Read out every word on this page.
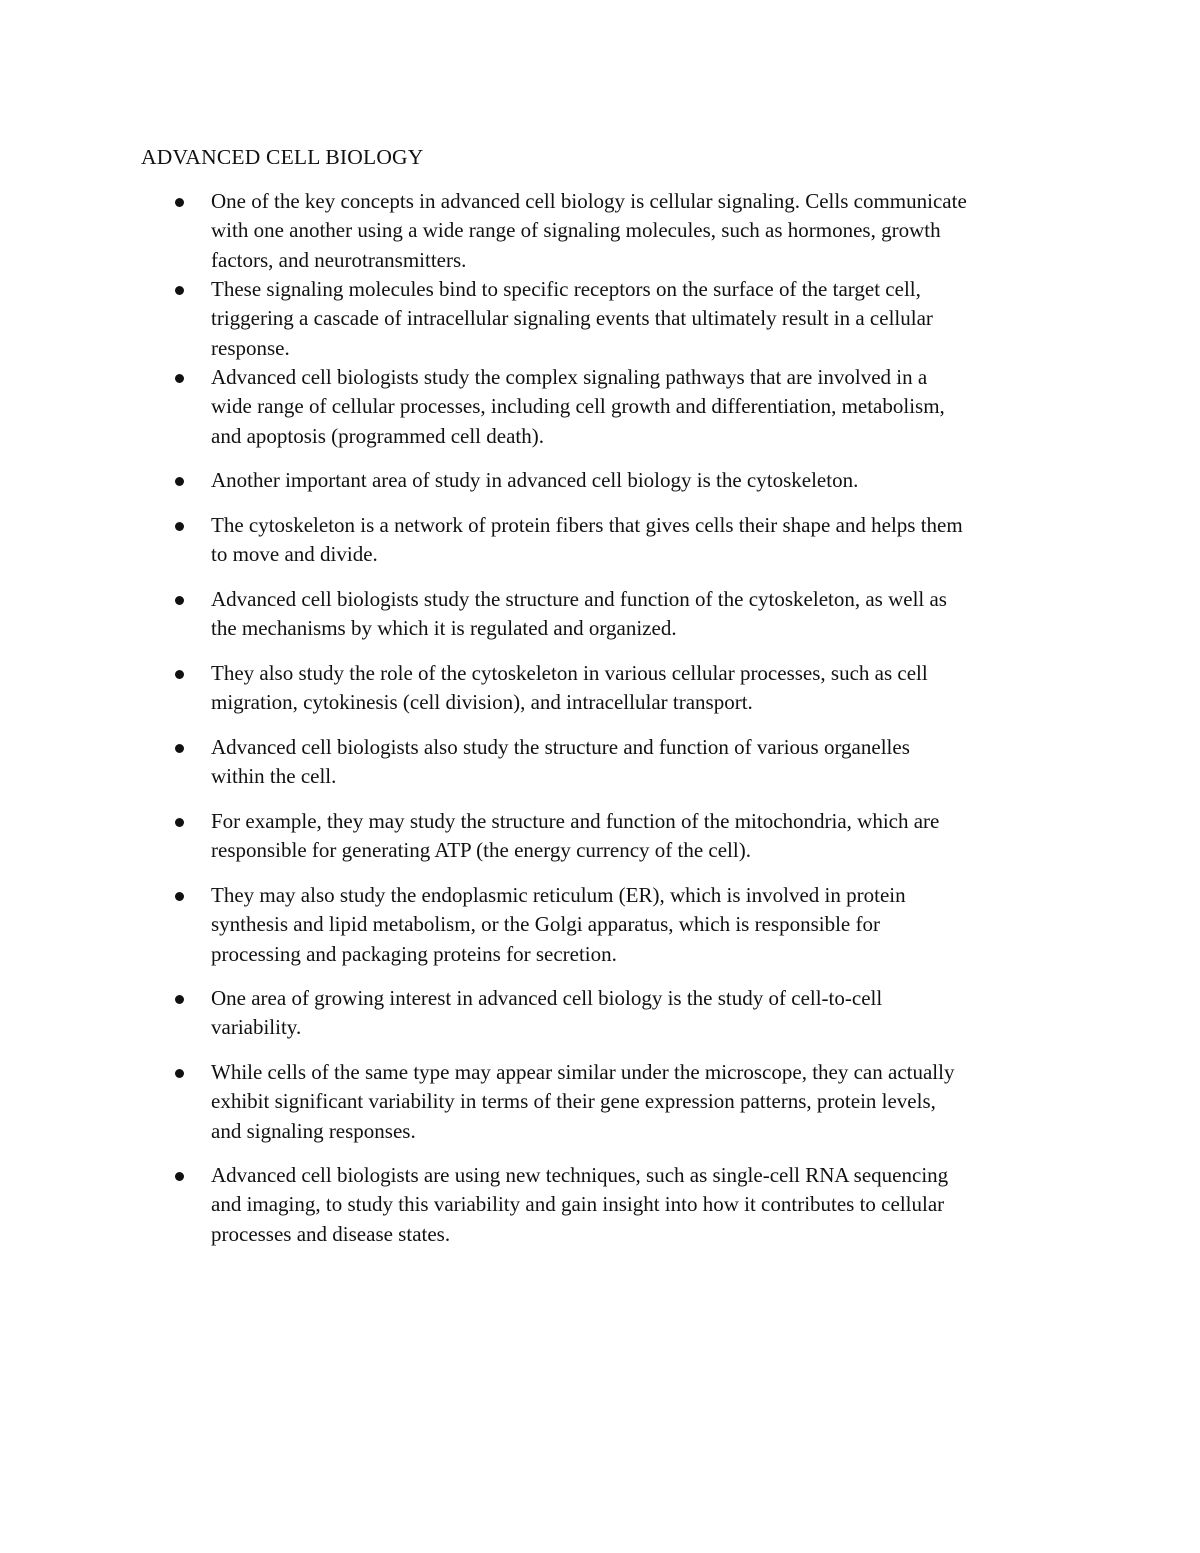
ADVANCED CELL BIOLOGY
One of the key concepts in advanced cell biology is cellular signaling. Cells communicate
with one another using a wide range of signaling molecules, such as hormones, growth
factors, and neurotransmitters.
These signaling molecules bind to specific receptors on the surface of the target cell,
triggering a cascade of intracellular signaling events that ultimately result in a cellular
response.
Advanced cell biologists study the complex signaling pathways that are involved in a
wide range of cellular processes, including cell growth and differentiation, metabolism,
and apoptosis (programmed cell death).
Another important area of study in advanced cell biology is the cytoskeleton.
The cytoskeleton is a network of protein fibers that gives cells their shape and helps them
to move and divide.
Advanced cell biologists study the structure and function of the cytoskeleton, as well as
the mechanisms by which it is regulated and organized.
They also study the role of the cytoskeleton in various cellular processes, such as cell
migration, cytokinesis (cell division), and intracellular transport.
Advanced cell biologists also study the structure and function of various organelles
within the cell.
For example, they may study the structure and function of the mitochondria, which are
responsible for generating ATP (the energy currency of the cell).
They may also study the endoplasmic reticulum (ER), which is involved in protein
synthesis and lipid metabolism, or the Golgi apparatus, which is responsible for
processing and packaging proteins for secretion.
One area of growing interest in advanced cell biology is the study of cell-to-cell
variability.
While cells of the same type may appear similar under the microscope, they can actually
exhibit significant variability in terms of their gene expression patterns, protein levels,
and signaling responses.
Advanced cell biologists are using new techniques, such as single-cell RNA sequencing
and imaging, to study this variability and gain insight into how it contributes to cellular
processes and disease states.
